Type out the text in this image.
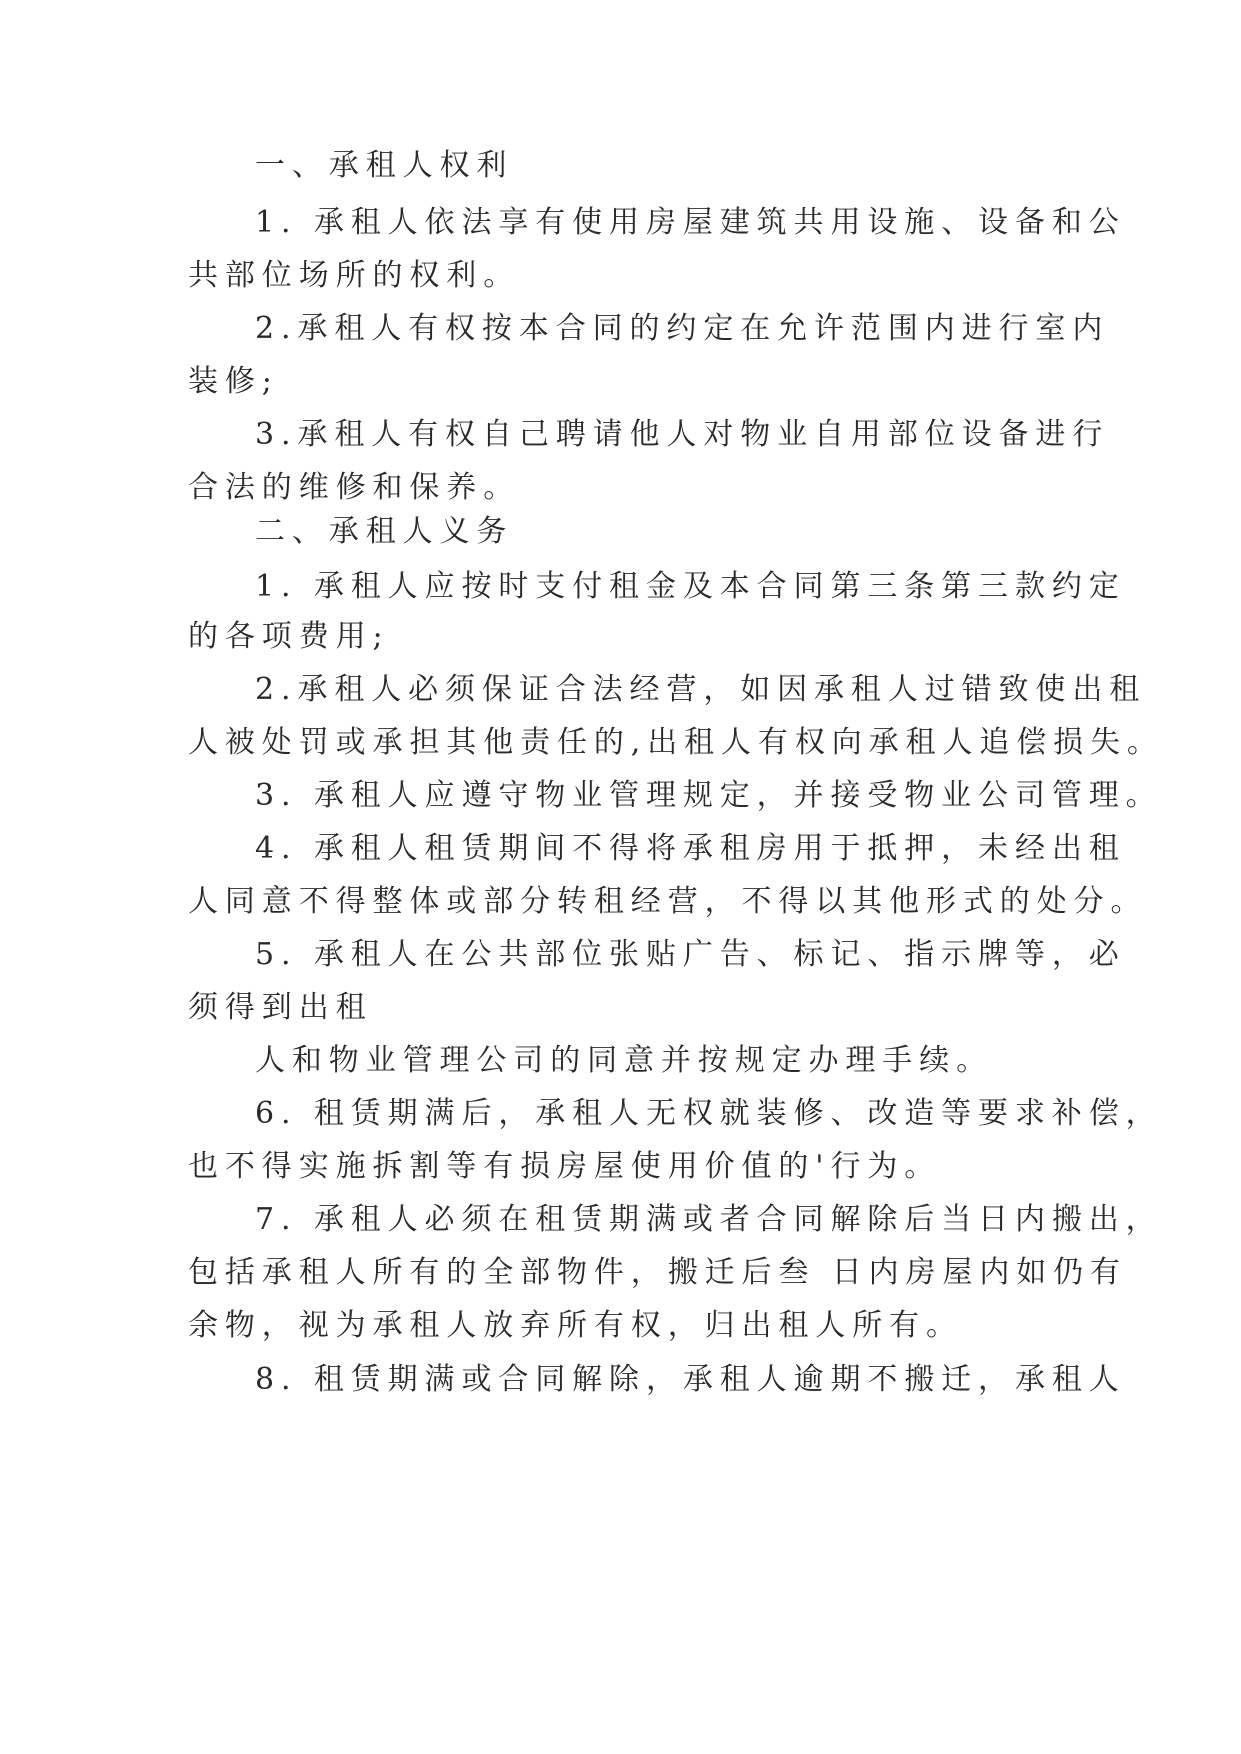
一、承租人权利

1. 承租人依法享有使用房屋建筑共用设施、设备和公

共部位场所的权利。

2.承租人有权按本合同的约定在允许范围内进行室内

装修;

3.承租人有权自己聘请他人对物业自用部位设备进行

合法的维修和保养。

二、承租人义务

1. 承租人应按时支付租金及本合同第三条第三款约定

的各项费用;

2.承租人必须保证合法经营，如因承租人过错致使出租

人被处罚或承担其他责任的,出租人有权向承租人追偿损失。

3. 承租人应遵守物业管理规定，并接受物业公司管理。

4. 承租人租赁期间不得将承租房用于抵押，未经出租

人同意不得整体或部分转租经营，不得以其他形式的处分。

5. 承租人在公共部位张贴广告、标记、指示牌等，必

须得到出租

人和物业管理公司的同意并按规定办理手续。

6. 租赁期满后，承租人无权就装修、改造等要求补偿，

也不得实施拆割等有损房屋使用价值的'行为。

7. 承租人必须在租赁期满或者合同解除后当日内搬出，

包括承租人所有的全部物件，搬迁后叁 日内房屋内如仍有

余物，视为承租人放弃所有权，归出租人所有。

8. 租赁期满或合同解除，承租人逾期不搬迁，承租人
